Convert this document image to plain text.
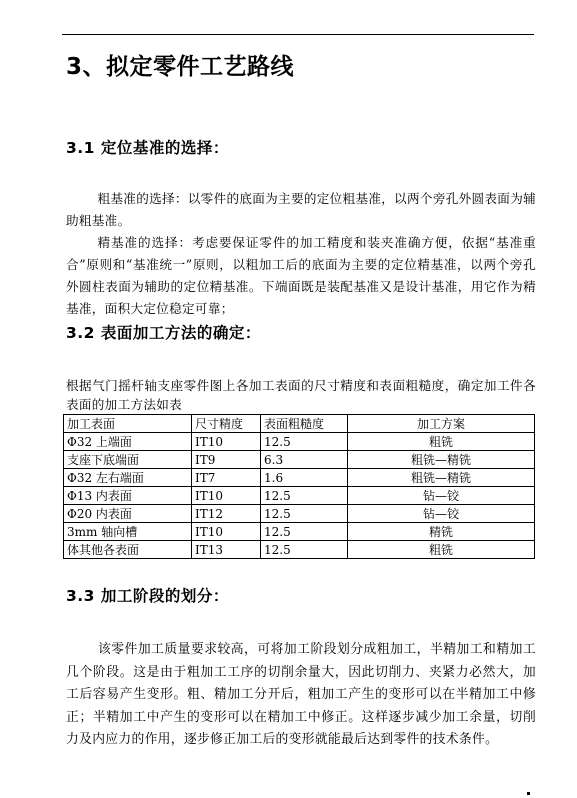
3、拟定零件工艺路线
3.1 定位基准的选择：

粗基准的选择：以零件的底面为主要的定位粗基准，以两个旁孔外圆表面为辅助粗基准。

精基准的选择：考虑要保证零件的加工精度和装夹准确方便，依据“基准重合”原则和“基准统一”原则，以粗加工后的底面为主要的定位精基准，以两个旁孔外圆柱表面为辅助的定位精基准。下端面既是装配基准又是设计基准，用它作为精基准，面积大定位稳定可靠；

3.2 表面加工方法的确定：

根据气门摇杆轴支座零件图上各加工表面的尺寸精度和表面粗糙度，确定加工件各表面的加工方法如表

加工表面	尺寸精度	表面粗糙度	加工方案
Φ32 上端面	IT10	12.5	粗铣
支座下底端面	IT9	6.3	粗铣—精铣
Φ32 左右端面	IT7	1.6	粗铣—精铣
Φ13 内表面	IT10	12.5	钻—铰
Φ20 内表面	IT12	12.5	钻—铰
3mm 轴向槽	IT10	12.5	精铣
体其他各表面	IT13	12.5	粗铣
3.3 加工阶段的划分：

该零件加工质量要求较高，可将加工阶段划分成粗加工，半精加工和精加工几个阶段。这是由于粗加工工序的切削余量大，因此切削力、夹紧力必然大，加工后容易产生变形。粗、精加工分开后，粗加工产生的变形可以在半精加工中修正；半精加工中产生的变形可以在精加工中修正。这样逐步减少加工余量，切削力及内应力的作用，逐步修正加工后的变形就能最后达到零件的技术条件。
